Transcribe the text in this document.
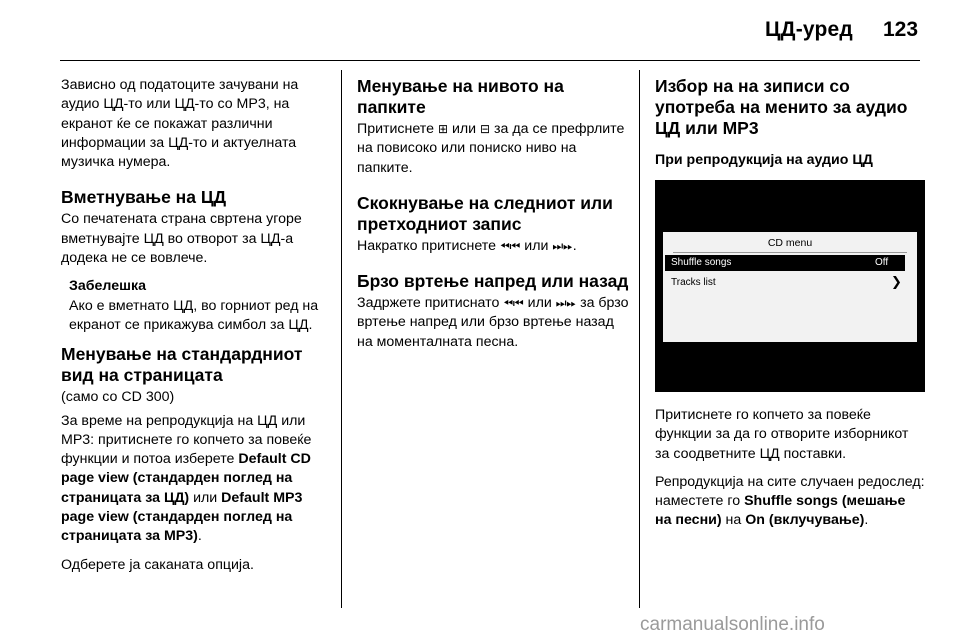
ЦД-уред 123

Зависно од податоците зачувани на аудио ЦД-то или ЦД-то со MP3, на екранот ќе се покажат различни информации за ЦД-то и актуелната музичка нумера.

Вметнување на ЦД

Со печатената страна свртена угоре вметнувајте ЦД во отворот за ЦД-а додека не се вовлече.

Забелешка

Ако е вметнато ЦД, во горниот ред на екранот се прикажува симбол за ЦД.

Менување на стандардниот вид на страницата

(само со CD 300)

За време на репродукција на ЦД или MP3: притиснете го копчето за повеќе функции и потоа изберете Default CD page view (стандарден поглед на страницата за ЦД) или Default MP3 page view (стандарден поглед на страницата за MP3).

Одберете ја саканата опција.

Менување на нивото на папките

Притиснете ⊞ или ⊟ за да се префрлите на повисоко или пониско ниво на папките.

Скокнување на следниот или претходниот запис

Накратко притиснете ⏪︎⏮︎ или ⏭︎⏩︎.

Брзо вртење напред или назад

Задржете притиснато ⏪︎⏮︎ или ⏭︎⏩︎ за брзо вртење напред или брзо вртење назад на моменталната песна.

Избор на на зиписи со употреба на менито за аудио ЦД или MP3
При репродукција на аудио ЦД
CD menu
Shuffle songs	Off
Tracks list	❯

Притиснете го копчето за повеќе функции за да го отворите изборникот за соодветните ЦД поставки.

Репродукција на сите случаен редослед: наместете го Shuffle songs (мешање на песни) на On (вклучување).

carmanualsonline.info
